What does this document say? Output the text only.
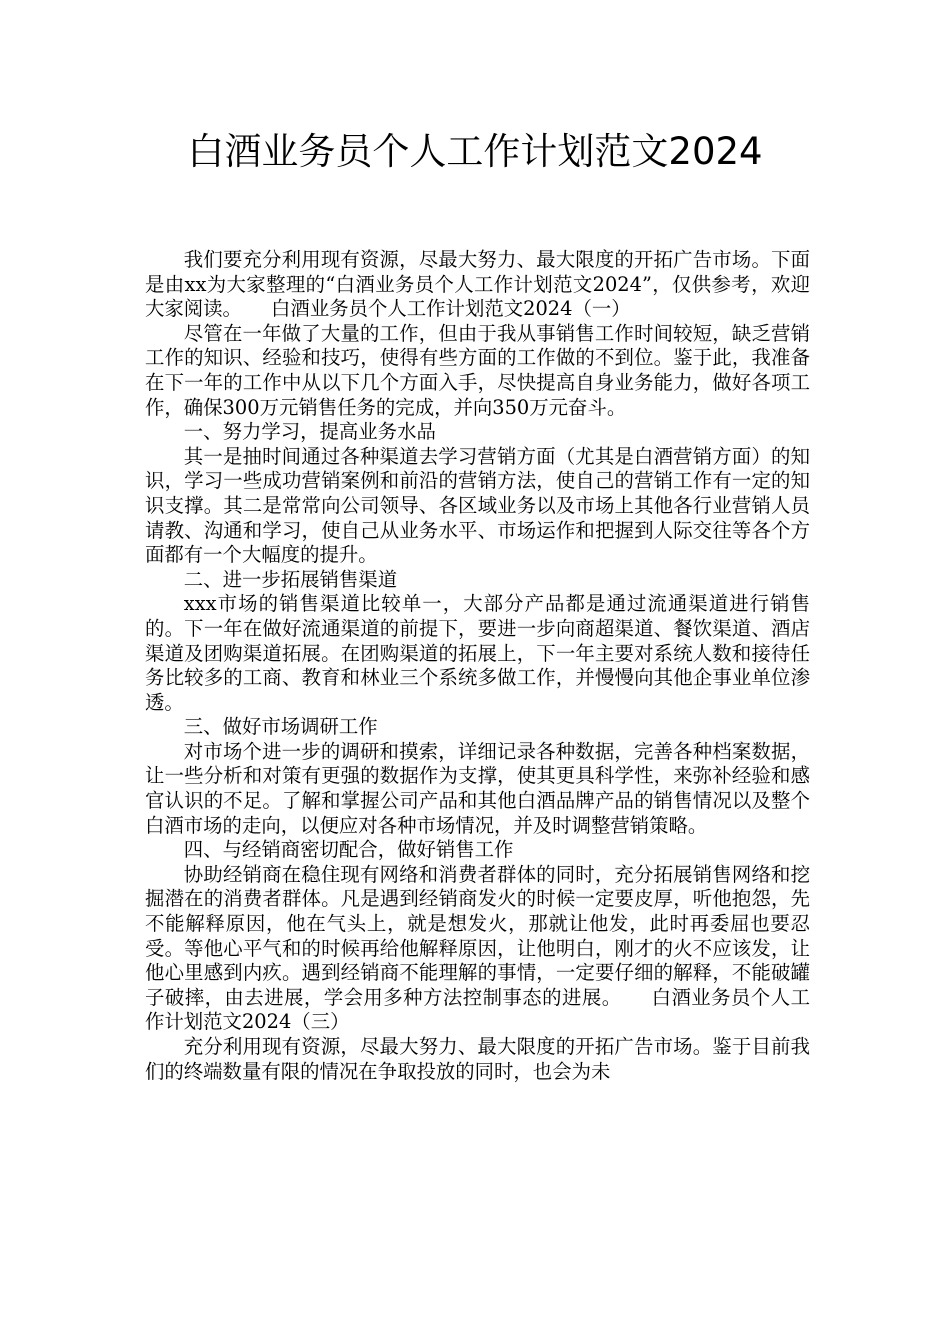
白酒业务员个人工作计划范文2024

我们要充分利用现有资源，尽最大努力、最大限度的开拓广告市场。下面是由xx为大家整理的“白酒业务员个人工作计划范文2024”，仅供参考，欢迎大家阅读。　　白酒业务员个人工作计划范文2024（一）

尽管在一年做了大量的工作，但由于我从事销售工作时间较短，缺乏营销工作的知识、经验和技巧，使得有些方面的工作做的不到位。鉴于此，我准备在下一年的工作中从以下几个方面入手，尽快提高自身业务能力，做好各项工作，确保300万元销售任务的完成，并向350万元奋斗。

一、努力学习，提高业务水品

其一是抽时间通过各种渠道去学习营销方面（尤其是白酒营销方面）的知识，学习一些成功营销案例和前沿的营销方法，使自己的营销工作有一定的知识支撑。其二是常常向公司领导、各区域业务以及市场上其他各行业营销人员请教、沟通和学习，使自己从业务水平、市场运作和把握到人际交往等各个方面都有一个大幅度的提升。

二、进一步拓展销售渠道

xxx市场的销售渠道比较单一，大部分产品都是通过流通渠道进行销售的。下一年在做好流通渠道的前提下，要进一步向商超渠道、餐饮渠道、酒店渠道及团购渠道拓展。在团购渠道的拓展上，下一年主要对系统人数和接待任务比较多的工商、教育和林业三个系统多做工作，并慢慢向其他企事业单位渗透。

三、做好市场调研工作

对市场个进一步的调研和摸索，详细记录各种数据，完善各种档案数据，让一些分析和对策有更强的数据作为支撑，使其更具科学性，来弥补经验和感官认识的不足。了解和掌握公司产品和其他白酒品牌产品的销售情况以及整个白酒市场的走向，以便应对各种市场情况，并及时调整营销策略。

四、与经销商密切配合，做好销售工作

协助经销商在稳住现有网络和消费者群体的同时，充分拓展销售网络和挖掘潜在的消费者群体。凡是遇到经销商发火的时候一定要皮厚，听他抱怨，先不能解释原因，他在气头上，就是想发火，那就让他发，此时再委屈也要忍受。等他心平气和的时候再给他解释原因，让他明白，刚才的火不应该发，让他心里感到内疚。遇到经销商不能理解的事情，一定要仔细的解释，不能破罐子破摔，由去进展，学会用多种方法控制事态的进展。　　白酒业务员个人工作计划范文2024（三）

充分利用现有资源，尽最大努力、最大限度的开拓广告市场。鉴于目前我们的终端数量有限的情况在争取投放的同时，也会为未
